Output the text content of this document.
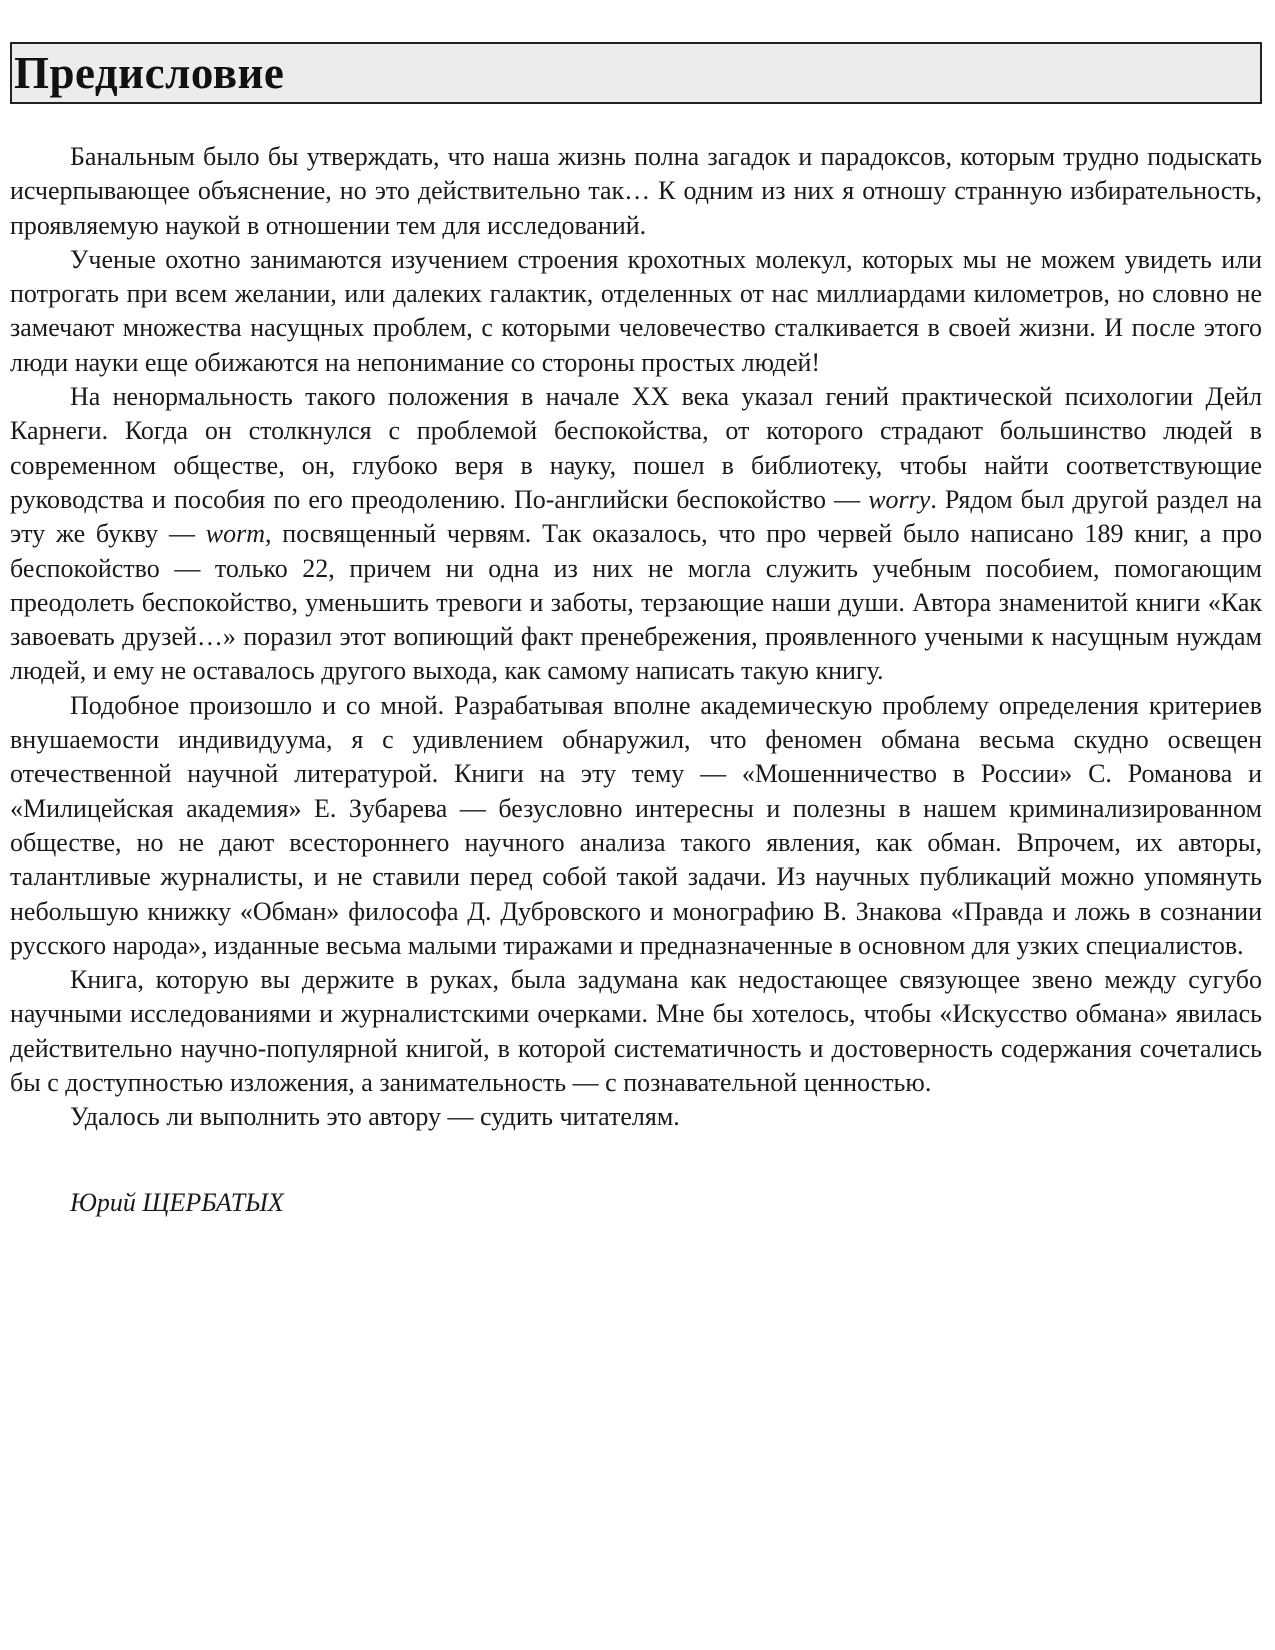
Предисловие

Банальным было бы утверждать, что наша жизнь полна загадок и парадоксов, которым трудно подыскать исчерпывающее объяснение, но это действительно так… К одним из них я отношу странную избирательность, проявляемую наукой в отношении тем для исследований.

Ученые охотно занимаются изучением строения крохотных молекул, которых мы не можем увидеть или потрогать при всем желании, или далеких галактик, отделенных от нас миллиардами километров, но словно не замечают множества насущных проблем, с которыми человечество сталкивается в своей жизни. И после этого люди науки еще обижаются на непонимание со стороны простых людей!

На ненормальность такого положения в начале XX века указал гений практической психологии Дейл Карнеги. Когда он столкнулся с проблемой беспокойства, от которого страдают большинство людей в современном обществе, он, глубоко веря в науку, пошел в библиотеку, чтобы найти соответствующие руководства и пособия по его преодолению. По-английски беспокойство — worry. Рядом был другой раздел на эту же букву — worm, посвященный червям. Так оказалось, что про червей было написано 189 книг, а про беспокойство — только 22, причем ни одна из них не могла служить учебным пособием, помогающим преодолеть беспокойство, уменьшить тревоги и заботы, терзающие наши души. Автора знаменитой книги «Как завоевать друзей…» поразил этот вопиющий факт пренебрежения, проявленного учеными к насущным нуждам людей, и ему не оставалось другого выхода, как самому написать такую книгу.

Подобное произошло и со мной. Разрабатывая вполне академическую проблему определения критериев внушаемости индивидуума, я с удивлением обнаружил, что феномен обмана весьма скудно освещен отечественной научной литературой. Книги на эту тему — «Мошенничество в России» С. Романова и «Милицейская академия» Е. Зубарева — безусловно интересны и полезны в нашем криминализированном обществе, но не дают всестороннего научного анализа такого явления, как обман. Впрочем, их авторы, талантливые журналисты, и не ставили перед собой такой задачи. Из научных публикаций можно упомянуть небольшую книжку «Обман» философа Д. Дубровского и монографию В. Знакова «Правда и ложь в сознании русского народа», изданные весьма малыми тиражами и предназначенные в основном для узких специалистов.

Книга, которую вы держите в руках, была задумана как недостающее связующее звено между сугубо научными исследованиями и журналистскими очерками. Мне бы хотелось, чтобы «Искусство обмана» явилась действительно научно-популярной книгой, в которой систематичность и достоверность содержания сочетались бы с доступностью изложения, а занимательность — с познавательной ценностью.

Удалось ли выполнить это автору — судить читателям.

Юрий ЩЕРБАТЫХ
